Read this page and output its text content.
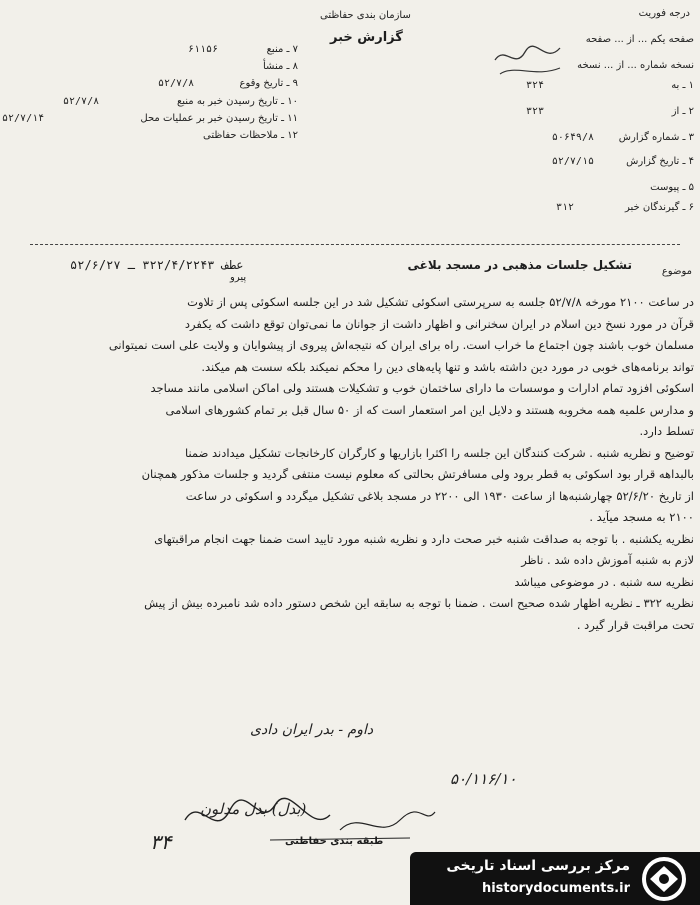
سازمان بندی حفاظتی
گزارش خبر
درجه فوریت
۷ ـ منبع
۶۱۱۵۶
۸ ـ منشأ
۹ ـ تاریخ وقوع
۵۲/۷/۸
۱۰ ـ تاریخ رسیدن خبر به منبع
۵۲/۷/۸
۱۱ ـ تاریخ رسیدن خبر بر عملیات محل
۵۲/۷/۱۴
۱۲ ـ ملاحظات حفاظتی
صفحه یکم ... از ... صفحه
نسخه شماره ... از ... نسخه
۱ ـ به
۳۲۴
۲ ـ از
۳۲۳
۳ ـ شماره گزارش
۵۰۶۴۹/۸
۴ ـ تاریخ گزارش
۵۲/۷/۱۵
۵ ـ پیوست
۶ ـ گیرندگان خبر
۳۱۲
موضوع
تشکیل جلسات مذهبی در مسجد بلاغی
عطف ۳۲۲/۴/۲۲۴۳ ـ ۵۲/۶/۲۷
پیرو

در ساعت ۲۱۰۰ مورخه ۵۲/۷/۸ جلسه به سرپرستی اسکوئی تشکیل شد در این جلسه اسکوئی پس از تلاوت

قرآن در مورد نسخ دین اسلام در ایران سخنرانی و اظهار داشت از جوانان ما نمی‌توان توقع داشت که یکفرد

مسلمان خوب باشند چون اجتماع ما خراب است. راه برای ایران که نتیجه‌اش پیروی از پیشوایان و ولایت علی است نمیتوانی

تواند برنامه‌های خوبی در مورد دین داشته باشد و تنها پایه‌های دین را محکم نمیکند بلکه سست هم میکند.

اسکوئی افزود تمام ادارات و موسسات ما دارای ساختمان خوب و تشکیلات هستند ولی اماکن اسلامی مانند مساجد

و مدارس علمیه همه مخروبه هستند و دلایل این امر استعمار است که از ۵۰ سال قبل بر تمام کشورهای اسلامی

تسلط دارد.

توضیح و نظریه شنبه . شرکت کنندگان این جلسه را اکثرا بازاریها و کارگران کارخانجات تشکیل میدادند ضمنا

بالبداهه قرار بود اسکوئی به قطر برود ولی مسافرتش بحالتی که معلوم نیست منتفی گردید و جلسات مذکور همچنان

از تاریخ ۵۲/۶/۲۰ چهارشنبه‌ها از ساعت ۱۹۳۰ الی ۲۲۰۰ در مسجد بلاغی تشکیل میگردد و اسکوئی در ساعت

۲۱۰۰ به مسجد میآید .

نظریه یکشنبه . با توجه به صداقت شنبه خبر صحت دارد و نظریه شنبه مورد تایید است ضمنا جهت انجام مراقبتهای

لازم به شنبه آموزش داده شد . ناظر

نظریه سه شنبه . در موضوعی میباشد

نظریه ۳۲۲ ـ نظریه اظهار شده صحیح است . ضمنا با توجه به سابقه این شخص دستور داده شد نامبرده بیش از پیش

تحت مراقبت قرار گیرد .

داوم - بدر ایران دادی
۵۰/۱۱۶/۱۰
(بدل) بدل مدلون
۳۴	طبقه بندی حفاظتی
مرکز بررسی اسناد تاریخی
historydocuments.ir
